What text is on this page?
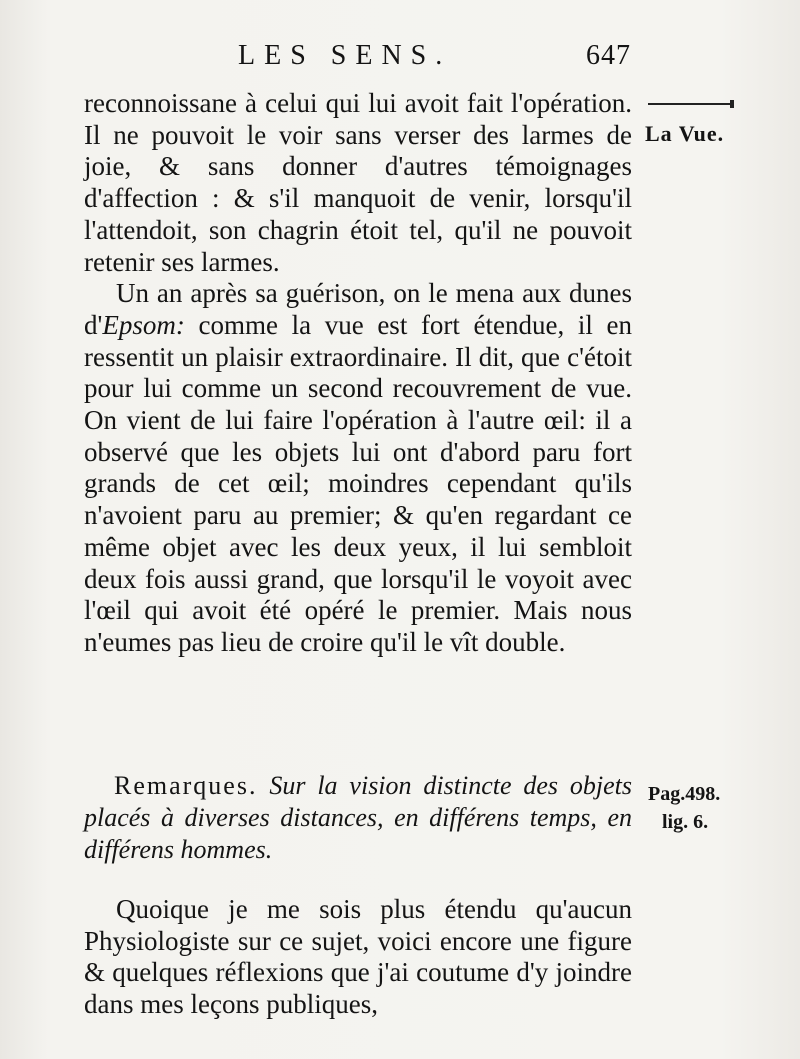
LES SENS.	647
La Vue.

reconnoissane à celui qui lui avoit fait l'opération. Il ne pouvoit le voir sans verser des larmes de joie, & sans donner d'autres témoignages d'affection : & s'il manquoit de venir, lorsqu'il l'attendoit, son chagrin étoit tel, qu'il ne pouvoit retenir ses larmes.

Un an après sa guérison, on le mena aux dunes d'Epsom: comme la vue est fort étendue, il en ressentit un plaisir extraordinaire. Il dit, que c'étoit pour lui comme un second recouvrement de vue. On vient de lui faire l'opération à l'autre œil: il a observé que les objets lui ont d'abord paru fort grands de cet œil; moindres cependant qu'ils n'avoient paru au premier; & qu'en regardant ce même objet avec les deux yeux, il lui sembloit deux fois aussi grand, que lorsqu'il le voyoit avec l'œil qui avoit été opéré le premier. Mais nous n'eumes pas lieu de croire qu'il le vît double.

Remarques. Sur la vision distincte des objets placés à diverses distances, en différens temps, en différens hommes.
Pag.498.
lig. 6.

Quoique je me sois plus étendu qu'aucun Physiologiste sur ce sujet, voici encore une figure & quelques réflexions que j'ai coutume d'y joindre dans mes leçons publiques,
